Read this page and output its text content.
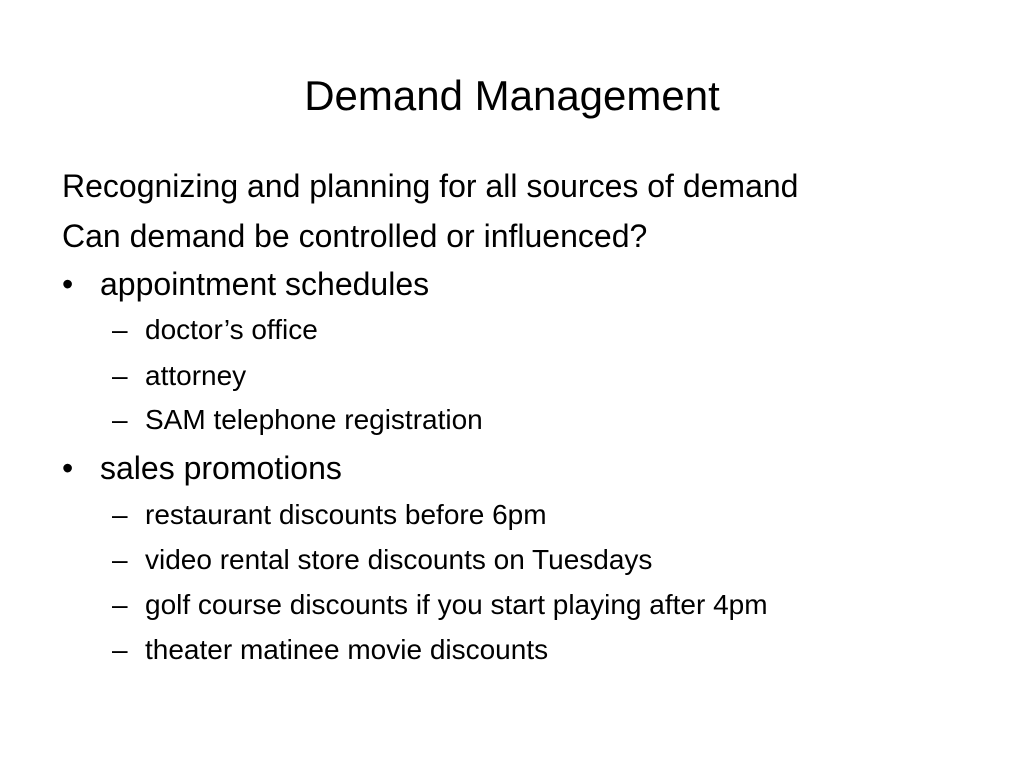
Demand Management
Recognizing and planning for all sources of demand
Can demand be controlled or influenced?
• appointment schedules
– doctor’s office
– attorney
– SAM telephone registration
• sales promotions
– restaurant discounts before 6pm
– video rental store discounts on Tuesdays
– golf course discounts if you start playing after 4pm
– theater matinee movie discounts
